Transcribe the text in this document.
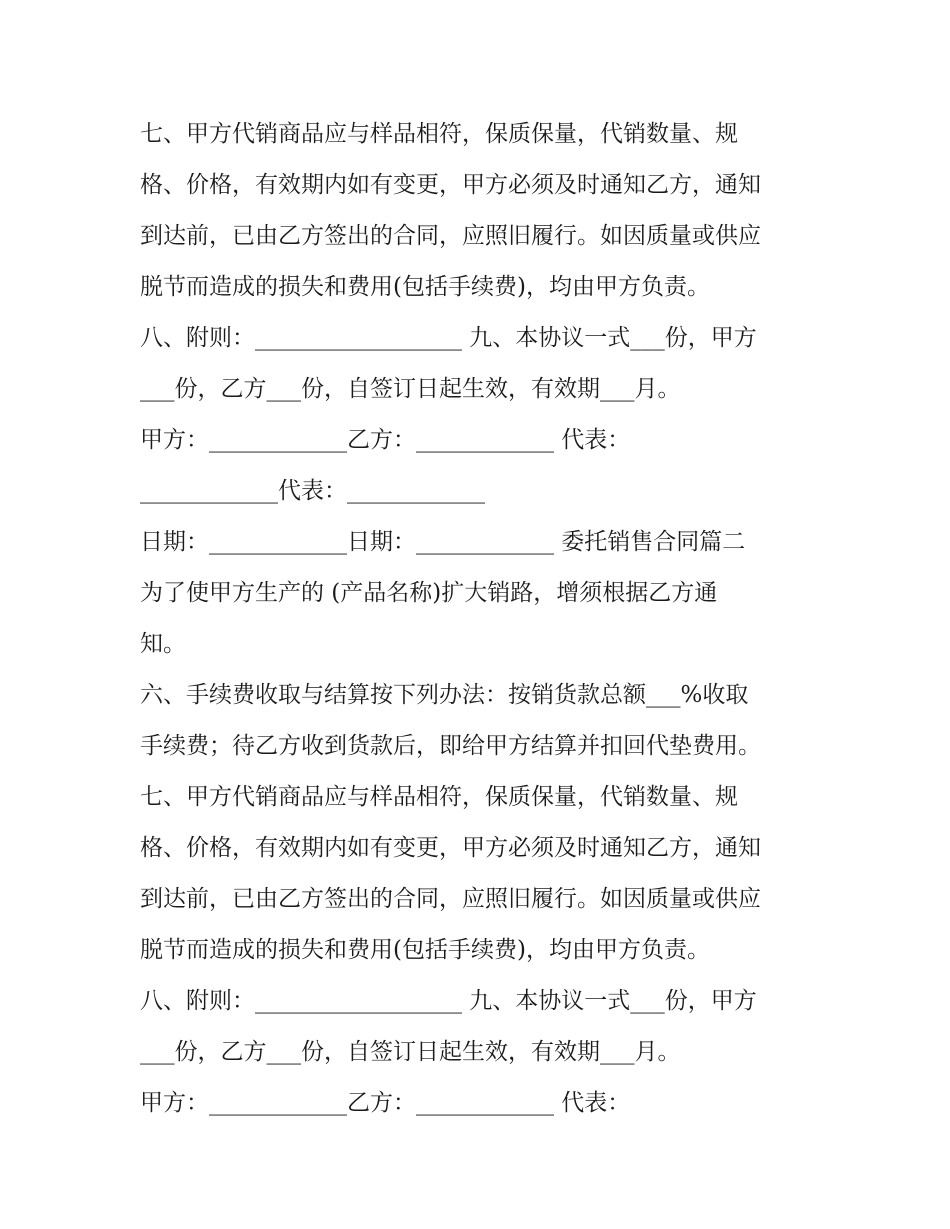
七、甲方代销商品应与样品相符，保质保量，代销数量、规
格、价格，有效期内如有变更，甲方必须及时通知乙方，通知
到达前，已由乙方签出的合同，应照旧履行。如因质量或供应
脱节而造成的损失和费用(包括手续费)，均由甲方负责。
八、附则：__________________ 九、本协议一式___份，甲方
___份，乙方___份，自签订日起生效，有效期___月。
甲方：____________乙方：____________ 代表：
____________代表：____________
日期：____________日期：____________ 委托销售合同篇二
为了使甲方生产的 (产品名称)扩大销路，增须根据乙方通
知。
六、手续费收取与结算按下列办法：按销货款总额___%收取
手续费；待乙方收到货款后，即给甲方结算并扣回代垫费用。
七、甲方代销商品应与样品相符，保质保量，代销数量、规
格、价格，有效期内如有变更，甲方必须及时通知乙方，通知
到达前，已由乙方签出的合同，应照旧履行。如因质量或供应
脱节而造成的损失和费用(包括手续费)，均由甲方负责。
八、附则：__________________ 九、本协议一式___份，甲方
___份，乙方___份，自签订日起生效，有效期___月。
甲方：____________乙方：____________ 代表：
